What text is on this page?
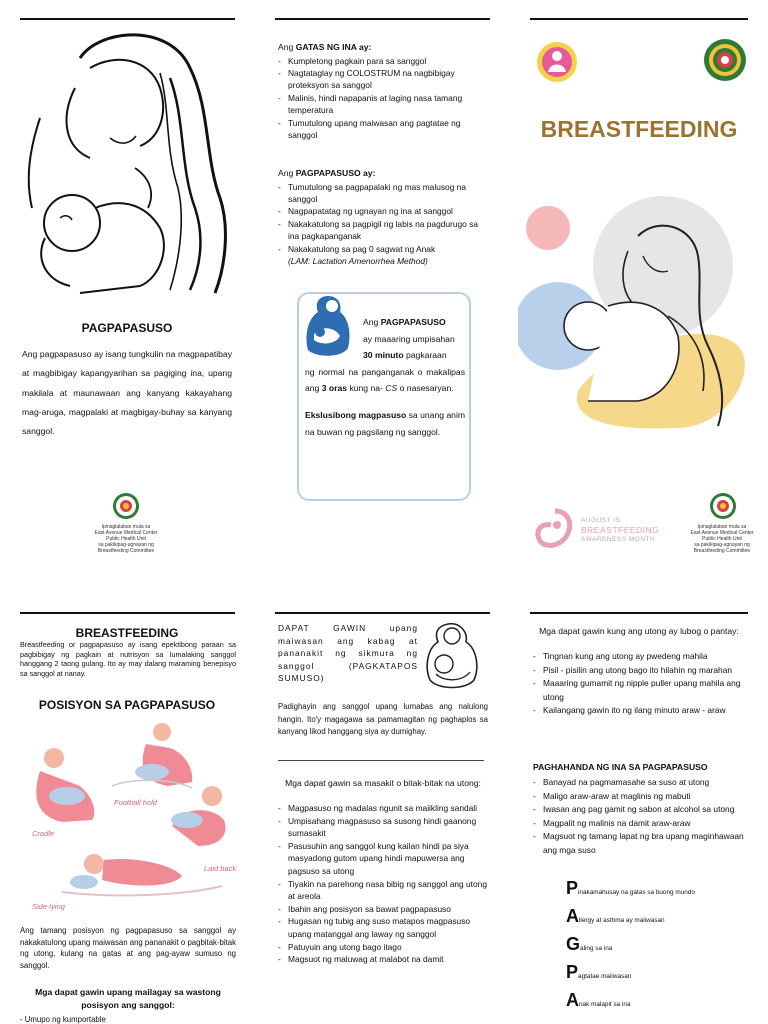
PAGPAPASUSO
Ang pagpapasuso ay isang tungkulin na magpapatibay at magbibigay kapangyarihan sa pagiging ina, upang makilala at maunawaan ang kanyang kakayahang mag-aruga, magpalaki at magbigay-buhay sa kanyang sanggol.
Ipinaglalaban mula sa
East Avenue Medical Center
Public Health Unit
sa pakikipag-ugnayan ng
Breastfeeding Committee
Ang GATAS NG INA ay:
- Kumpletong pagkain para sa sanggol
- Nagtataglay ng COLOSTRUM na nagbibigay proteksyon sa sanggol
- Malinis, hindi napapanis at laging nasa tamang temperatura
- Tumutulong upang maiwasan ang pagtatae ng sanggol
Ang PAGPAPASUSO ay:
- Tumutulong sa pagpapalaki ng mas malusog na sanggol
- Nagpapatatag ng ugnayan ng ina at sanggol
- Nakakatulong sa pagpigil ng labis na pagdurugo sa ina pagkapanganak
- Nakakatulong sa pag 0 sagwat ng Anak
(LAM: Lactation Amenorrhea Method)
Ang PAGPAPASUSO
ay maaaring umpisahan
30 minuto pagkaraan
ng normal na panganganak o makalipas ang 3 oras kung na- CS o nasesaryan.
Ekslusibong magpasuso sa unang anim na buwan ng pagsilang ng sanggol.
BREASTFEEDING
AUGUST IS
BREASTFEEDING
AWARENESS MONTH
Ipinaglalaban mula sa
East Avenue Medical Center
Public Health Unit
sa pakikipag-ugnayan ng
Breastfeeding Committee
BREASTFEEDING
Breastfeeding or pagpapasuso ay isang epektibong paraan sa pagbibigay ng pagkain at nutrisyon sa lumalaking sanggol hanggang 2 taong gulang. Ito ay may dalang maraming benepisyo sa sanggol at nanay.
POSISYON SA PAGPAPASUSO
Cradle
Football hold
Laid back
Side-lying
Ang tamang posisyon ng pagpapasuso sa sanggol ay nakakatulong upang maiwasan ang pananakit o pagbitak-bitak ng utong, kulang na gatas at ang pag-ayaw sumuso ng sanggol.
Mga dapat gawin upang mailagay sa wastong posisyon ang sanggol:
- Umupo ng kumportable
DAPAT GAWIN upang maiwasan ang kabag at pananakit ng sikmura ng sanggol (PAGKATAPOS SUMUSO)
Padighayin ang sanggol upang lumabas ang nalulong hangin. Ito'y magagawa sa pamamagitan ng paghaplos sa kanyang likod hanggang siya ay dumighay.
Mga dapat gawin sa masakit o bitak-bitak na utong:
- Magpasuso ng madalas ngunit sa maiikling sandali
- Umpisahang magpasuso sa susong hindi gaanong sumasakit
- Pasusuhin ang sanggol kung kailan hindi pa siya masyadong gutom upang hindi mapuwersa ang pagsuso sa utong
- Tiyakin na parehong nasa bibig ng sanggol ang utong at areola
- Ibahin ang posisyon sa bawat pagpapasuso
- Hugasan ng tubig ang suso matapos magpasuso upang matanggal ang laway ng sanggol
- Patuyuin ang utong bago itago
- Magsuot ng maluwag at malabot na damit
Mga dapat gawin kung ang utong ay lubog o pantay:
- Tingnan kung ang utong ay pwedeng mahila
- Pisil - pisilin ang utong bago ito hilahin ng marahan
- Maaaring gumamit ng nipple puller upang mahila ang utong
- Kailangang gawin ito ng ilang minuto araw - araw
PAGHAHANDA NG INA SA PAGPAPASUSO
- Banayad na pagmamasahe sa suso at utong
- Maligo araw-araw at maglinis ng mabuti
- Iwasan ang pag gamit ng sabon at alcohol sa utong
- Magpalit ng malinis na damit araw-araw
- Magsuot ng tamang lapat ng bra upang maginhawaan ang mga suso
P inakamahusay na gatas sa buong mundo
A llergy at asthma ay maiiwasan
G aling sa ina
P agtatae maiiwasan
A nak malapit sa ina
